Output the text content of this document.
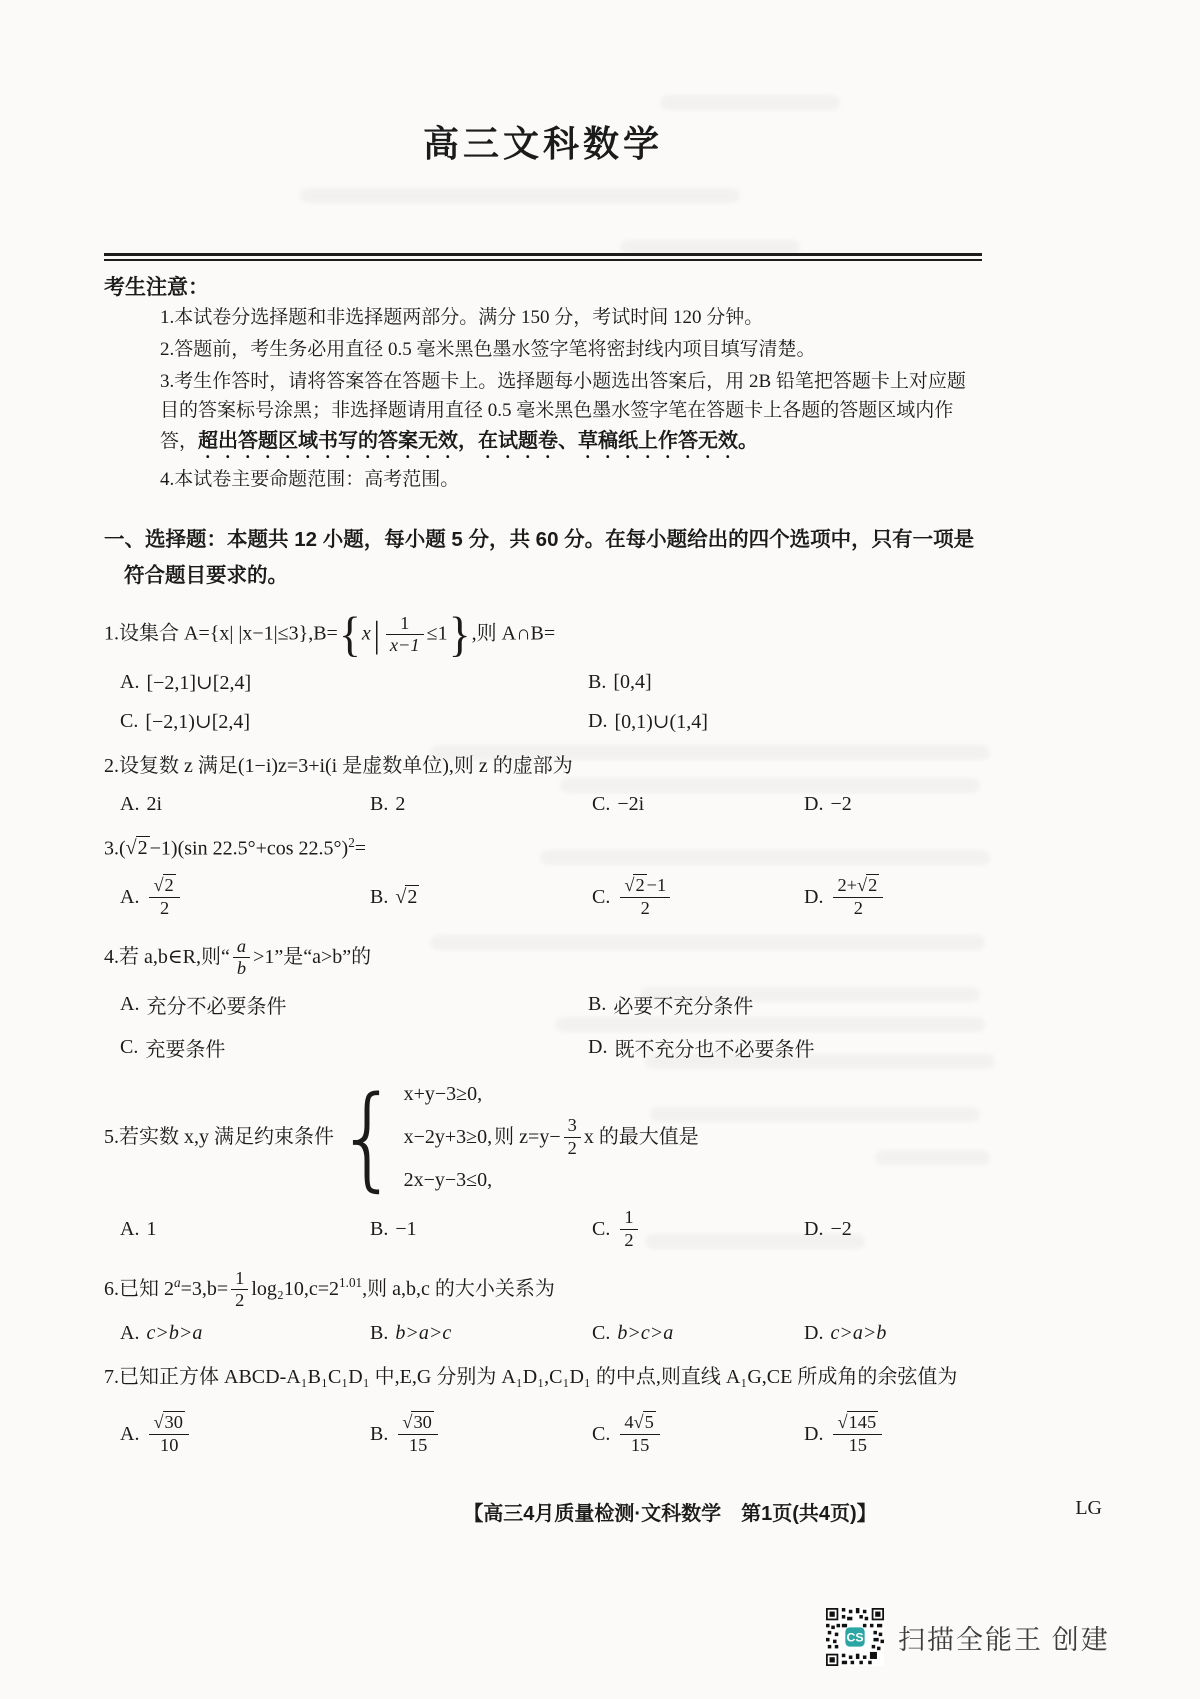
高三文科数学
考生注意：
1.本试卷分选择题和非选择题两部分。满分 150 分，考试时间 120 分钟。
2.答题前，考生务必用直径 0.5 毫米黑色墨水签字笔将密封线内项目填写清楚。
3.考生作答时，请将答案答在答题卡上。选择题每小题选出答案后，用 2B 铅笔把答题卡上对应题目的答案标号涂黑；非选择题请用直径 0.5 毫米黑色墨水签字笔在答题卡上各题的答题区域内作答，超出答题区域书写的答案无效，在试题卷、草稿纸上作答无效。
4.本试卷主要命题范围：高考范围。
一、选择题：本题共 12 小题，每小题 5 分，共 60 分。在每小题给出的四个选项中，只有一项是符合题目要求的。
1.设集合 A={x| |x−1|≤3},B={x | $\frac{1}{x-1} \le 1$},则 A∩B=
A. [−2,1]∪[2,4]	B. [0,4]
C. [−2,1)∪[2,4]	D. [0,1)∪(1,4]
2.设复数 z 满足(1−i)z=3+i(i 是虚数单位),则 z 的虚部为
A. 2i	B. 2	C. −2i	D. −2
3.(√2 −1)(sin 22.5°+cos 22.5°)$^2$=
A. $\frac{√2}{2}$	B. √2	C. $\frac{√2 -1}{2}$	D. $\frac{2+√2}{2}$
4.若 a,b∈R,则“ $\frac{a}{b} >1$”是“a>b”的
A. 充分不必要条件	B. 必要不充分条件
C. 充要条件	D. 既不充分也不必要条件
5.若实数 x,y 满足约束条件 { x+y−3≥0,
x−2y+3≥0,
2x−y−3≤0,
则 $z=y- \frac{3}{2}$ x 的最大值是
A. 1	B. −1	C. $\frac{1}{2}$	D. −2
6.已知 $2^a=3,b= \frac{1}{2} \log_210,c=2^{1.01}$,则 a,b,c 的大小关系为
A. c>b>a	B. b>a>c	C. b>c>a	D. c>a>b
7.已知正方体 ABCD-A₁B₁C₁D₁ 中,E,G 分别为 A₁D₁,C₁D₁ 的中点,则直线 A₁G,CE 所成角的余弦值为
A. $\frac{√30}{10}$	B. $\frac{√30}{15}$	C. $\frac{4√5}{15}$	D. $\frac{√145}{15}$
【高三4月质量检测·文科数学　第1页(共4页)】	LG
CS 扫描全能王 创建
